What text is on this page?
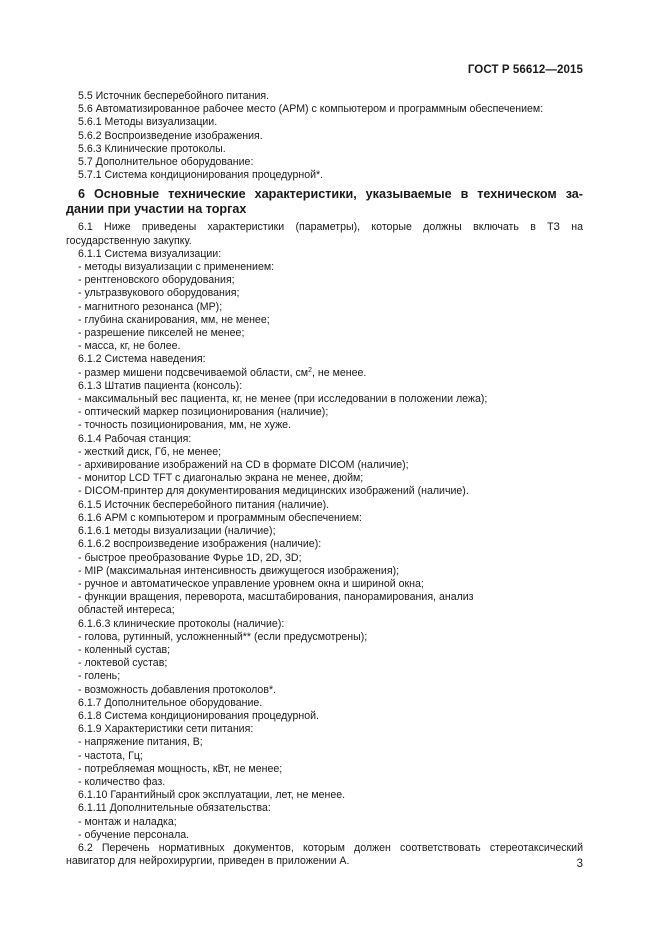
ГОСТ Р 56612—2015
5.5 Источник бесперебойного питания.
5.6 Автоматизированное рабочее место (АРМ) с компьютером и программным обеспечением:
5.6.1 Методы визуализации.
5.6.2 Воспроизведение изображения.
5.6.3 Клинические протоколы.
5.7 Дополнительное оборудование:
5.7.1 Система кондиционирования процедурной*.
6 Основные технические характеристики, указываемые в техническом за-
дании при участии на торгах
6.1 Ниже приведены характеристики (параметры), которые должны включать в ТЗ на
государственную закупку.
6.1.1 Система визуализации:
- методы визуализации с применением:
- рентгеновского оборудования;
- ультразвукового оборудования;
- магнитного резонанса (МР);
- глубина сканирования, мм, не менее;
- разрешение пикселей не менее;
- масса, кг, не более.
6.1.2 Система наведения:
- размер мишени подсвечиваемой области, $см^2$, не менее.
6.1.3 Штатив пациента (консоль):
- максимальный вес пациента, кг, не менее (при исследовании в положении лежа);
- оптический маркер позиционирования (наличие);
- точность позиционирования, мм, не хуже.
6.1.4 Рабочая станция:
- жесткий диск, Гб, не менее;
- архивирование изображений на CD в формате DICOM (наличие);
- монитор LCD TFT с диагональю экрана не менее, дюйм;
- DICOM-принтер для документирования медицинских изображений (наличие).
6.1.5 Источник бесперебойного питания (наличие).
6.1.6 АРМ с компьютером и программным обеспечением:
6.1.6.1 методы визуализации (наличие);
6.1.6.2 воспроизведение изображения (наличие):
- быстрое преобразование Фурье 1D, 2D, 3D;
- MIP (максимальная интенсивность движущегося изображения);
- ручное и автоматическое управление уровнем окна и шириной окна;
- функции вращения, переворота, масштабирования, панорамирования, анализ
областей интереса;
6.1.6.3 клинические протоколы (наличие):
- голова, рутинный, усложненный** (если предусмотрены);
- коленный сустав;
- локтевой сустав;
- голень;
- возможность добавления протоколов*.
6.1.7 Дополнительное оборудование.
6.1.8 Система кондиционирования процедурной.
6.1.9 Характеристики сети питания:
- напряжение питания, В;
- частота, Гц;
- потребляемая мощность, кВт, не менее;
- количество фаз.
6.1.10 Гарантийный срок эксплуатации, лет, не менее.
6.1.11 Дополнительные обязательства:
- монтаж и наладка;
- обучение персонала.
6.2 Перечень нормативных документов, которым должен соответствовать стереотаксический
навигатор для нейрохирургии, приведен в приложении А.	3
